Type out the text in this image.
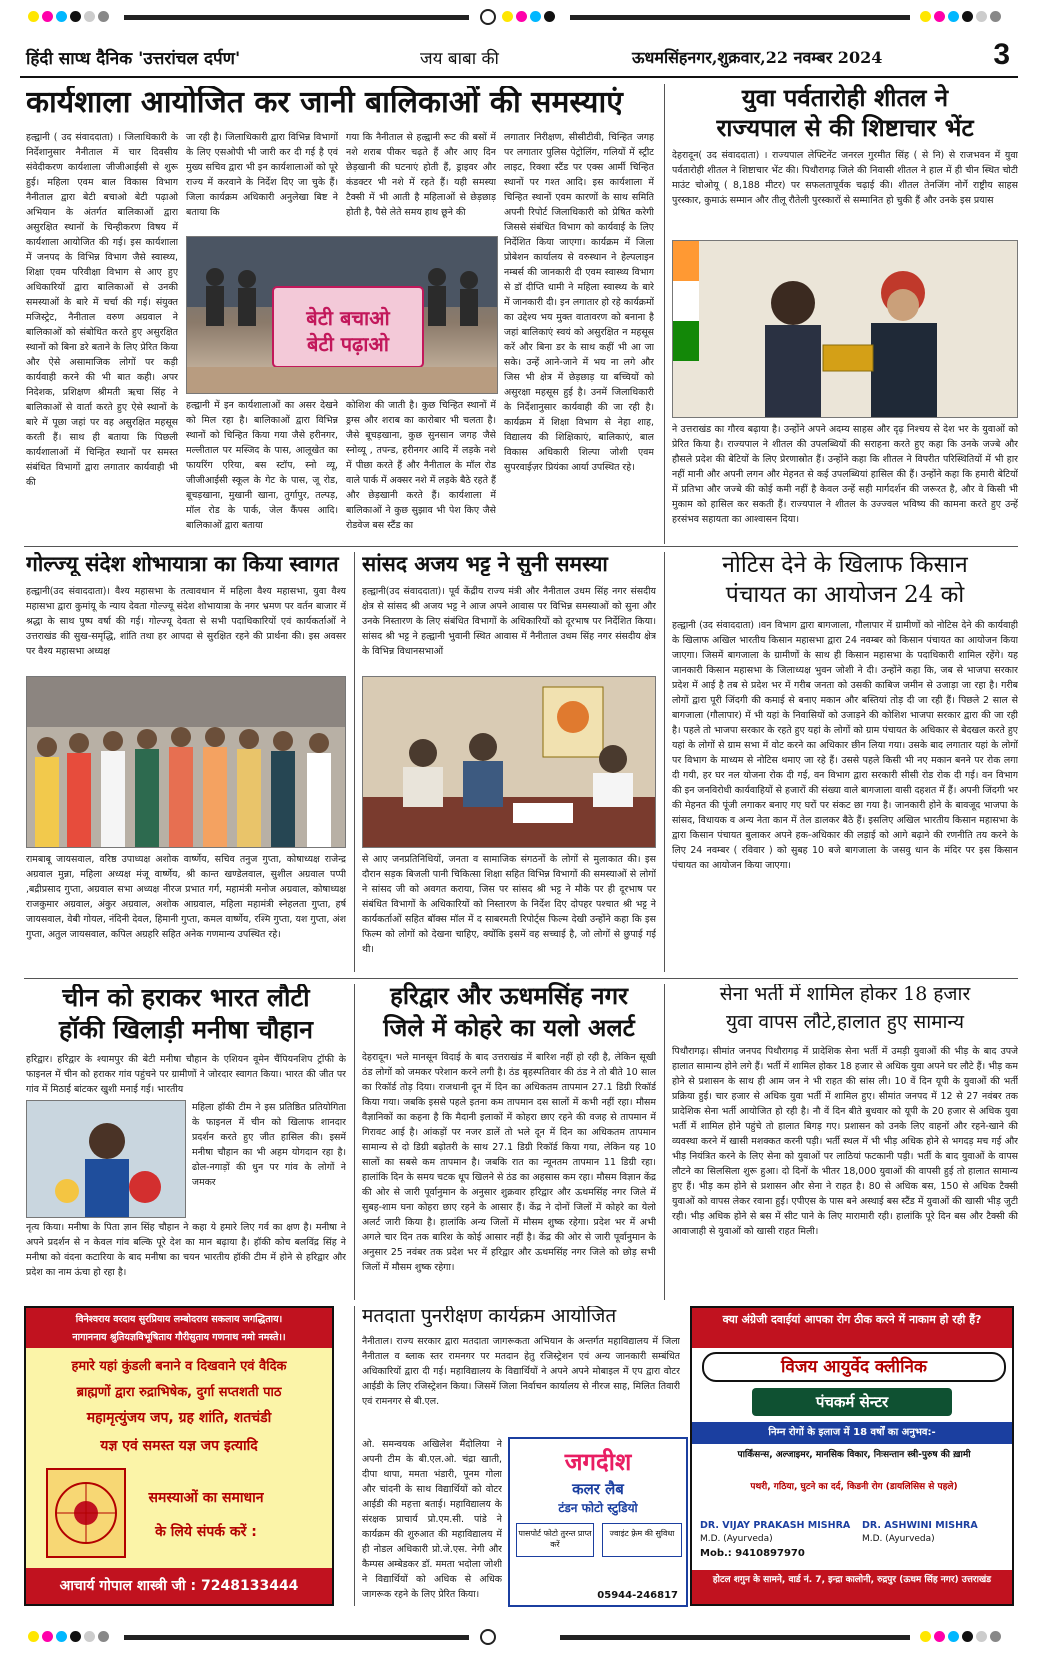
हिंदी साप्ध दैनिक 'उत्तरांचल दर्पण'	जय बाबा की	ऊधमसिंहनगर,शुक्रवार,22 नवम्बर 2024	3
कार्यशाला आयोजित कर जानी बालिकाओं की समस्याएं
हल्द्वानी ( उद संवाददाता) । जिलाधिकारी के निर्देशानुसार नैनीताल में चार दिवसीय संवेदीकरण कार्यशाला जीजीआईसी से शुरू हुई। महिला एवम बाल विकास विभाग नैनीताल द्वारा बेटी बचाओ बेटी पढ़ाओ अभियान के अंतर्गत बालिकाओं द्वारा असुरक्षित स्थानों के चिन्हीकरण विषय में कार्यशाला आयोजित की गई। इस कार्यशाला में जनपद के विभिन्न विभाग जैसे स्वास्थ्य, शिक्षा एवम परिवीक्षा विभाग से आए हुए अधिकारियों द्वारा बालिकाओं से उनकी समस्याओं के बारे में चर्चा की गई। संयुक्त मजिस्ट्रेट, नैनीताल वरुण अग्रवाल ने बालिकाओं को संबोधित करते हुए असुरक्षित स्थानों को बिना डरे बताने के लिए प्रेरित किया और ऐसे असामाजिक लोगों पर कड़ी कार्यवाही करने की भी बात कही। अपर निदेशक, प्रशिक्षण श्रीमती ऋचा सिंह ने बालिकाओं से वार्ता करते हुए ऐसे स्थानों के बारे में पूछा जहां पर वह असुरक्षित महसूस करती हैं। साथ ही बताया कि पिछली कार्यशालाओं में चिन्हित स्थानों पर समस्त संबंधित विभागों द्वारा लगातार कार्यवाही भी की
जा रही है। जिलाधिकारी द्वारा विभिन्न विभागों के लिए एसओपी भी जारी कर दी गई है एवं मुख्य सचिव द्वारा भी इन कार्यशालाओं को पूरे राज्य में करवाने के निर्देश दिए जा चुके हैं। जिला कार्यक्रम अधिकारी अनुलेखा बिष्ट ने बताया कि
गया कि नैनीताल से हल्द्वानी रूट की बसों में नशे शराब पीकर चढ़ते हैं और आए दिन छेड़खानी की घटनाएं होती हैं, ड्राइवर और कंडक्टर भी नशे में रहते हैं। यही समस्या टैक्सी में भी आती है महिलाओं से छेड़छाड़ होती है, पैसे लेते समय हाथ छूने की
लगातार निरीक्षण, सीसीटीवी, चिन्हित जगह पर लगातार पुलिस पेट्रोलिंग, गलियों में स्ट्रीट लाइट, रिक्शा स्टैंड पर एक्स आर्मी चिन्हित स्थानों पर गश्त आदि। इस कार्यशाला में चिन्हित स्थानों एवम कारणों के साथ समिति अपनी रिपोर्ट जिलाधिकारी को प्रेषित करेगी जिससे संबंधित विभाग को कार्यवाई के लिए निर्देशित किया जाएगा। कार्यक्रम में जिला प्रोबेशन कार्यालय से वरुस्थान ने हेल्पलाइन नम्बर्स की जानकारी दी एवम स्वास्थ्य विभाग से डॉ दीप्ति धामी ने महिला स्वास्थ्य के बारे में जानकारी दी। इन लगातार हो रहे कार्यक्रमों का उद्देश्य भय मुक्त वातावरण को बनाना है जहां बालिकाएं स्वयं को असुरक्षित न महसूस करें और बिना डर के साथ कहीं भी आ जा सके। उन्हें आने-जाने में भय ना लगे और जिस भी क्षेत्र में छेड़छाड़ या बच्चियों को असुरक्षा महसूस हुई है। उनमें जिलाधिकारी के निर्देशानुसार कार्यवाही की जा रही है। कार्यक्रम में शिक्षा विभाग से नेहा शाह, विद्यालय की शिक्षिकाएं, बालिकाएं, बाल विकास अधिकारी शिल्पा जोशी एवम सुपरवाईज़र प्रियंका आर्या उपस्थित रहे।
बेटी बचाओ
बेटी पढ़ाओ
हल्द्वानी में इन कार्यशालाओं का असर देखने को मिल रहा है। बालिकाओं द्वारा विभिन्न स्थानों को चिन्हित किया गया जैसे हरीनगर, मल्लीताल पर मस्जिद के पास, आलूखेत का फायरिंग एरिया, बस स्टॉप, स्नो व्यू, जीजीआईसी स्कूल के गेट के पास, जू रोड, बूचड़खाना, मुखानी खाना, तुर्गापुर, तल्पड़, मॉल रोड के पार्क, जेल कैंपस आदि। बालिकाओं द्वारा बताया
कोशिश की जाती है। कुछ चिन्हित स्थानों में ड्रग्स और शराब का कारोबार भी चलता है। जैसे बूचड़खाना, कुछ सुनसान जगह जैसे स्नोव्यू , तपन्ड, हरीनगर आदि में लड़के नशे में पीछा करते हैं और नैनीताल के मॉल रोड वाले पार्क में अक्सर नशे में लड़के बैठे रहते हैं और छेड़खानी करते हैं। कार्यशाला में बालिकाओं ने कुछ सुझाव भी पेश किए जैसे रोडवेज बस स्टैंड का
युवा पर्वतारोही शीतल ने
राज्यपाल से की शिष्टाचार भेंट
देहरादून( उद संवाददाता) । राज्यपाल लेफ्टिनेंट जनरल गुरमीत सिंह ( से नि) से राजभवन में युवा पर्वतारोही शीतल ने शिष्टाचार भेंट की। पिथौरागढ़ जिले की निवासी शीतल ने हाल में ही चीन स्थित चोटी माउंट चोओयू ( 8,188 मीटर) पर सफलतापूर्वक चढ़ाई की। शीतल तेनजिंग नोर्गे राष्ट्रीय साहस पुरस्कार, कुमाऊं सम्मान और तीलू रौतेली पुरस्कारों से सम्मानित हो चुकी हैं और उनके इस प्रयास
ने उत्तराखंड का गौरव बढ़ाया है। उन्होंने अपने अदम्य साहस और दृढ़ निश्चय से देश भर के युवाओं को प्रेरित किया है। राज्यपाल ने शीतल की उपलब्धियों की सराहना करते हुए कहा कि उनके जज्बे और हौसले प्रदेश की बेटियों के लिए प्रेरणास्रोत हैं। उन्होंने कहा कि शीतल ने विपरीत परिस्थितियों में भी हार नहीं मानी और अपनी लगन और मेहनत से कई उपलब्धियां हासिल की हैं। उन्होंने कहा कि हमारी बेटियों में प्रतिभा और जज्बे की कोई कमी नहीं है केवल उन्हें सही मार्गदर्शन की जरूरत है, और वे किसी भी मुकाम को हासिल कर सकती हैं। राज्यपाल ने शीतल के उज्ज्वल भविष्य की कामना करते हुए उन्हें हरसंभव सहायता का आश्वासन दिया।
गोल्ज्यू संदेश शोभायात्रा का किया स्वागत
हल्द्वानी(उद संवाददाता)। वैश्य महासभा के तत्वावधान में महिला वैश्य महासभा, युवा वैश्य महासभा द्वारा कुमांयू के न्याय देवता गोल्ज्यू संदेश शोभायात्रा के नगर भ्रमण पर वर्तन बाजार में श्रद्धा के साथ पुष्प वर्षा की गई। गोल्ज्यू देवता से सभी पदाधिकारियों एवं कार्यकर्ताओं ने उत्तराखंड की सुख-समृद्धि, शांति तथा हर आपदा से सुरक्षित रहने की प्रार्थना की। इस अवसर पर वैश्य महासभा अध्यक्ष
रामबाबू जायसवाल, वरिष्ठ उपाध्यक्ष अशोक वार्ष्णेय, सचिव तनुज गुप्ता, कोषाध्यक्ष राजेन्द्र अग्रवाल मुन्ना, महिला अध्यक्ष मंजू वार्ष्णेय, श्री कान्त खण्डेलवाल, सुशील अग्रवाल पप्पी ,बद्रीप्रसाद गुप्ता, अग्रवाल सभा अध्यक्ष नीरज प्रभात गर्ग, महामंत्री मनोज अग्रवाल, कोषाध्यक्ष राजकुमार अग्रवाल, अंकुर अग्रवाल, अशोक आग्रवाल, महिला महामंत्री स्नेहलता गुप्ता, हर्ष जायसवाल, वेबी गोयल, नंदिनी देवल, हिमानी गुप्ता, कमल वार्ष्णेय, रश्मि गुप्ता, यश गुप्ता, अंश गुप्ता, अतुल जायसवाल, कपिल अग्रहरि सहित अनेक गणमान्य उपस्थित रहे।
सांसद अजय भट्ट ने सुनी समस्या
हल्द्वानी(उद संवाददाता)। पूर्व केंद्रीय राज्य मंत्री और नैनीताल उधम सिंह नगर संसदीय क्षेत्र से सांसद श्री अजय भट्ट ने आज अपने आवास पर विभिन्न समस्याओं को सुना और उनके निस्तारण के लिए संबंधित विभागों के अधिकारियों को दूरभाष पर निर्देशित किया। सांसद श्री भट्ट ने हल्द्वानी भुवानी स्थित आवास में नैनीताल उधम सिंह नगर संसदीय क्षेत्र के विभिन्न विधानसभाओं
से आए जनप्रतिनिधियों, जनता व सामाजिक संगठनों के लोगों से मुलाकात की। इस दौरान सड़क बिजली पानी चिकित्सा शिक्षा सहित विभिन्न विभागों की समस्याओं से लोगों ने सांसद जी को अवगत कराया, जिस पर सांसद श्री भट्ट ने मौके पर ही दूरभाष पर संबंधित विभागों के अधिकारियों को निस्तारण के निर्देश दिए दोपहर पश्चात श्री भट्ट ने कार्यकर्ताओं सहित बॉक्स मॉल में द साबरमती रिपोर्ट्स फिल्म देखी उन्होंने कहा कि इस फिल्म को लोगों को देखना चाहिए, क्योंकि इसमें वह सच्चाई है, जो लोगों से छुपाई गई थी।
नोटिस देने के खिलाफ किसान
पंचायत का आयोजन 24 को
हल्द्वानी (उद संवाददाता) ।वन विभाग द्वारा बागजाला, गौलापार में ग्रामीणों को नोटिस देने की कार्यवाही के खिलाफ अखिल भारतीय किसान महासभा द्वारा 24 नवम्बर को किसान पंचायत का आयोजन किया जाएगा। जिसमें बागजाला के ग्रामीणों के साथ ही किसान महासभा के पदाधिकारी शामिल रहेंगे। यह जानकारी किसान महासभा के जिलाध्यक्ष भुवन जोशी ने दी। उन्होंने कहा कि, जब से भाजपा सरकार प्रदेश में आई है तब से प्रदेश भर में गरीब जनता को उसकी काबिज जमीन से उजाड़ा जा रहा है। गरीब लोगों द्वारा पूरी जिंदगी की कमाई से बनाए मकान और बस्तियां तोड़ दी जा रही हैं। पिछले 2 साल से बागजाला (गौलापार) में भी यहां के निवासियों को उजाड़ने की कोशिश भाजपा सरकार द्वारा की जा रही है। पहले तो भाजपा सरकार के रहते हुए यहां के लोगों को ग्राम पंचायत के अधिकार से बेदखल करते हुए यहां के लोगों से ग्राम सभा में वोट करने का अधिकार छीन लिया गया। उसके बाद लगातार यहां के लोगों पर विभाग के माध्यम से नोटिस थमाए जा रहे हैं। उससे पहले किसी भी नए मकान बनने पर रोक लगा दी गयी, हर घर नल योजना रोक दी गई, वन विभाग द्वारा सरकारी सीसी रोड रोक दी गई। वन विभाग की इन जनविरोधी कार्यवाहियों से हजारों की संख्या वाले बागजाला वासी दहशत में हैं। अपनी जिंदगी भर की मेहनत की पूंजी लगाकर बनाए गए घरों पर संकट छा गया है। जानकारी होने के बावजूद भाजपा के सांसद, विधायक व अन्य नेता कान में तेल डालकर बैठे हैं। इसलिए अखिल भारतीय किसान महासभा के द्वारा किसान पंचायत बुलाकर अपने हक-अधिकार की लड़ाई को आगे बढ़ाने की रणनीति तय करने के लिए 24 नवम्बर ( रविवार ) को सुबह 10 बजे बागजाला के जसवु धान के मंदिर पर इस किसान पंचायत का आयोजन किया जाएगा।
चीन को हराकर भारत लौटी
हॉकी खिलाड़ी मनीषा चौहान
हरिद्वार। हरिद्वार के श्यामपुर की बेटी मनीषा चौहान के एशियन वूमेन चैंपियनशिप ट्रॉफी के फाइनल में चीन को हराकर गांव पहुंचने पर ग्रामीणों ने जोरदार स्वागत किया। भारत की जीत पर गांव में मिठाई बांटकर खुशी मनाई गई। भारतीय
महिला हॉकी टीम ने इस प्रतिष्ठित प्रतियोगिता के फाइनल में चीन को खिलाफ शानदार प्रदर्शन करते हुए जीत हासिल की। इसमें मनीषा चौहान का भी अहम योगदान रहा है। ढोल-नगाड़ों की धुन पर गांव के लोगों ने जमकर
नृत्य किया। मनीषा के पिता ज्ञान सिंह चौहान ने कहा ये हमारे लिए गर्व का क्षण है। मनीषा ने अपने प्रदर्शन से न केवल गांव बल्कि पूरे देश का मान बढ़ाया है। हॉकी कोच बलविंद्र सिंह ने मनीषा को वंदना कटारिया के बाद मनीषा का चयन भारतीय हॉकी टीम में होने से हरिद्वार और प्रदेश का नाम ऊंचा हो रहा है।
हरिद्वार और ऊधमसिंह नगर
जिले में कोहरे का यलो अलर्ट
देहरादून। भले मानसून विदाई के बाद उत्तराखंड में बारिश नहीं हो रही है, लेकिन सूखी ठंड लोगों को जमकर परेशान करने लगी है। ठंड बृहस्पतिवार की ठंड ने तो बीते 10 साल का रिकॉर्ड तोड़ दिया। राजधानी दून में दिन का अधिकतम तापमान 27.1 डिग्री रिकॉर्ड किया गया। जबकि इससे पहले इतना कम तापमान दस सालों में कभी नहीं रहा। मौसम वैज्ञानिकों का कहना है कि मैदानी इलाकों में कोहरा छाए रहने की वजह से तापमान में गिरावट आई है। आंकड़ों पर नजर डालें तो भले दून में दिन का अधिकतम तापमान सामान्य से दो डिग्री बढ़ोतरी के साथ 27.1 डिग्री रिकॉर्ड किया गया, लेकिन यह 10 सालों का सबसे कम तापमान है। जबकि रात का न्यूनतम तापमान 11 डिग्री रहा। हालांकि दिन के समय चटक धूप खिलने से ठंड का अहसास कम रहा। मौसम विज्ञान केंद्र की ओर से जारी पूर्वानुमान के अनुसार शुक्रवार हरिद्वार और ऊधमसिंह नगर जिले में सुबह-शाम घना कोहरा छाए रहने के आसार हैं। केंद्र ने दोनों जिलों में कोहरे का येलो अलर्ट जारी किया है। हालांकि अन्य जिलों में मौसम शुष्क रहेगा। प्रदेश भर में अभी अगले चार दिन तक बारिश के कोई आसार नहीं है। केंद्र की ओर से जारी पूर्वानुमान के अनुसार 25 नवंबर तक प्रदेश भर में हरिद्वार और ऊधमसिंह नगर जिले को छोड़ सभी जिलों में मौसम शुष्क रहेगा।
सेना भर्ती में शामिल होकर 18 हजार
युवा वापस लौटे,हालात हुए सामान्य
पिथौरागढ़। सीमांत जनपद पिथौरागढ़ में प्रादेशिक सेना भर्ती में उमड़ी युवाओं की भीड़ के बाद उपजे हालात सामान्य होने लगे हैं। भर्ती में शामिल होकर 18 हजार से अधिक युवा अपने घर लौटे हैं। भीड़ कम होने से प्रशासन के साथ ही आम जन ने भी राहत की सांस ली। 10 वें दिन यूपी के युवाओं की भर्ती प्रक्रिया हुई। चार हजार से अधिक युवा भर्ती में शामिल हुए। सीमांत जनपद में 12 से 27 नवंबर तक प्रादेशिक सेना भर्ती आयोजित हो रही है। नौ वें दिन बीते बुधवार को यूपी के 20 हजार से अधिक युवा भर्ती में शामिल होने पहुंचे तो हालात बिगड़ गए। प्रशासन को उनके लिए वाहनों और रहने-खाने की व्यवस्था करने में खासी मशक्कत करनी पड़ी। भर्ती स्थल में भी भीड़ अधिक होने से भगदड़ मच गई और भीड़ नियंत्रित करने के लिए सेना को युवाओं पर लाठियां फटकानी पड़ी। भर्ती के बाद युवाओं के वापस लौटने का सिलसिला शुरू हुआ। दो दिनों के भीतर 18,000 युवाओं की वापसी हुई तो हालात सामान्य हुए हैं। भीड़ कम होने से प्रशासन और सेना ने राहत है। 80 से अधिक बस, 150 से अधिक टैक्सी युवाओं को वापस लेकर रवाना हुईं। एपीएस के पास बने अस्थाई बस स्टैंड में युवाओं की खासी भीड़ जुटी रही। भीड़ अधिक होने से बस में सीट पाने के लिए मारामारी रही। हालांकि पूरे दिन बस और टैक्सी की आवाजाही से युवाओं को खासी राहत मिली।
विनेश्वराय वरदाय सुरप्रियाय लम्बोदराय सकलाय जगद्धिताय।
नागाननाय श्रुतियज्ञविभूषिताय गौरीसुताय गणनाथ नमो नमस्ते।।
हमारे यहां कुंडली बनाने व दिखवाने एवं वैदिक
ब्राह्मणों द्वारा रुद्राभिषेक, दुर्गा सप्तशती पाठ
महामृत्युंजय जप, ग्रह शांति, शतचंडी
यज्ञ एवं समस्त यज्ञ जप इत्यादि
समस्याओं का समाधान
के लिये संपर्क करें :
आचार्य गोपाल शास्त्री जी : 7248133444
मतदाता पुनरीक्षण कार्यक्रम आयोजित
नैनीताल। राज्य सरकार द्वारा मतदाता जागरूकता अभियान के अन्तर्गत महाविद्यालय में जिला नैनीताल व ब्लाक स्तर रामनगर पर मतदान हेतु रजिस्ट्रेशन एवं अन्य जानकारी सम्बंधित अधिकारियों द्वारा दी गई। महाविद्यालय के विद्यार्थियों ने अपने अपने मोबाइल में एप द्वारा वोटर आईडी के लिए रजिस्ट्रेशन किया। जिसमें जिला निर्वाचन कार्यालय से नीरज साह, मिलित तिवारी एवं रामनगर से बी.एल.
ओ. समन्वयक अखिलेश मैंदोलिया ने अपनी टीम के बी.एल.ओ. चंद्रा खाती, दीपा थापा, ममता भंडारी, पूनम गोला और चांदनी के साथ विद्यार्थियों को वोटर आईडी की महत्ता बताई। महाविद्यालय के संरक्षक प्राचार्य प्रो.एम.सी. पांडे ने कार्यक्रम की शुरुआत की महाविद्यालय में ही नोडल अधिकारी प्रो.जे.एस. नेगी और कैम्पस अम्बेडकर डॉ. ममता भदोला जोशी ने विद्यार्थियों को अधिक से अधिक जागरूक रहने के लिए प्रेरित किया।
जगदीश
कलर लैब
टंडन फोटो स्टुडियो
पासपोर्ट फोटो तुरन्त प्राप्त करें
ज्वाइंट फ़्रेम की सुविधा
05944-246817
क्या अंग्रेजी दवाईयां आपका रोग ठीक करने में नाकाम हो रही हैं?
विजय आयुर्वेद क्लीनिक
पंचकर्म सेन्टर
निम्न रोगों के इलाज में 18 वर्षों का अनुभव:-
पार्किंसन्स, अल्जाइमर, मानसिक विकार, निःसन्तान स्त्री-पुरुष की ख़ामी
पथरी, गठिया, घुटने का दर्द, किडनी रोग (डायलिसिस से पहले)
DR. VIJAY PRAKASH MISHRA
M.D. (Ayurveda)
Mob.: 9410897970
DR. ASHWINI MISHRA
M.D. (Ayurveda)
होटल शगुन के सामने, वार्ड नं. 7, इन्द्रा कालोनी, रुद्रपुर (ऊधम सिंह नगर) उत्तराखंड
